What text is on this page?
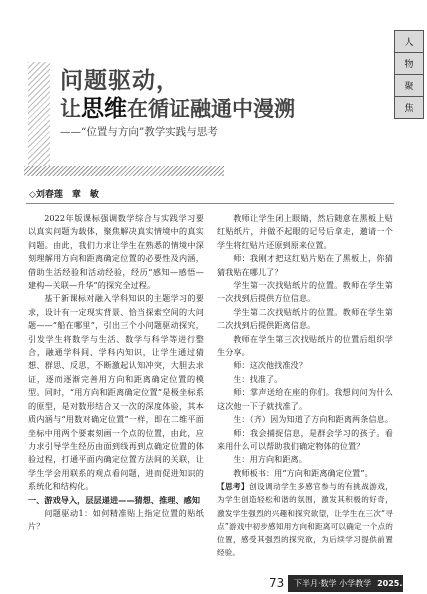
人
物
聚
焦
问题驱动，
让思维在循证融通中漫溯
——“位置与方向”教学实践与思考
◇刘春莲　章　敏

2022年版课标强调数学综合与实践学习要以真实问题为载体，聚焦解决真实情境中的真实问题。由此，我们力求让学生在熟悉的情境中深刻理解用方向和距离确定位置的必要性及内涵，借助生活经验和活动经验，经历“感知—感悟—建构—关联—升华”的探究全过程。

基于新课标对融入学科知识的主题学习的要求，设计有一定现实背景、恰当探索空间的大问题——“船在哪里”，引出三个小问题驱动探究，引发学生将数学与生活、数学与科学等进行整合，融通学科间、学科内知识，让学生通过猜想、群思、反思，不断激起认知冲突，大胆去求证，逐而逐渐完善用方向和距离确定位置的模型。同时，“用方向和距离确定位置”是极坐标系的原型，是对数形结合又一次的深度体验，其本质内涵与“用数对确定位置”一样，即在二维平面坐标中用两个要素刻画一个点的位置，由此，应力求引导学生经历由面到线再到点确定位置的体验过程，打通平面内确定位置方法间的关联，让学生学会用联系的观点看问题，进而促进知识的系统化和结构化。

一、游戏导入，层层递进——猜想、推理、感知

问题驱动1：如何精准贴上指定位置的贴纸片？

教师让学生闭上眼睛，然后随意在黑板上贴红贴纸片，并做不起眼的记号后拿走，邀请一个学生将红贴片还原到原来位置。

师：我刚才把这红贴片贴在了黑板上，你猜猜我贴在哪儿了？

学生第一次找贴纸片的位置。教师在学生第一次找到后提供方位信息。

学生第二次找贴纸片的位置。教师在学生第二次找到后提供距离信息。

教师在学生第三次找贴纸片的位置后组织学生分享。

师：这次他找准没？

生：找准了。

师：掌声送给在座的你们。我想问问为什么这次他一下子就找准了。

生：（齐）因为知道了方向和距离两条信息。

师：我会捕捉信息，是群会学习的孩子。看来用什么可以帮助我们确定物体的位置？

生：用方向和距离。

教师板书：用“方向和距离确定位置”。

【思考】创设调动学生多感官参与的有挑战游戏，为学生创造轻松和谐的氛围，激发其积极的好奇，激发学生强烈的兴趣和探究欲望，让学生在三次“寻点”游戏中初步感知用方向和距离可以确定一个点的位置，感受其强烈的探究欲，为后续学习提供前置经验。

73 下半月·数学 小学教学 2025.3
